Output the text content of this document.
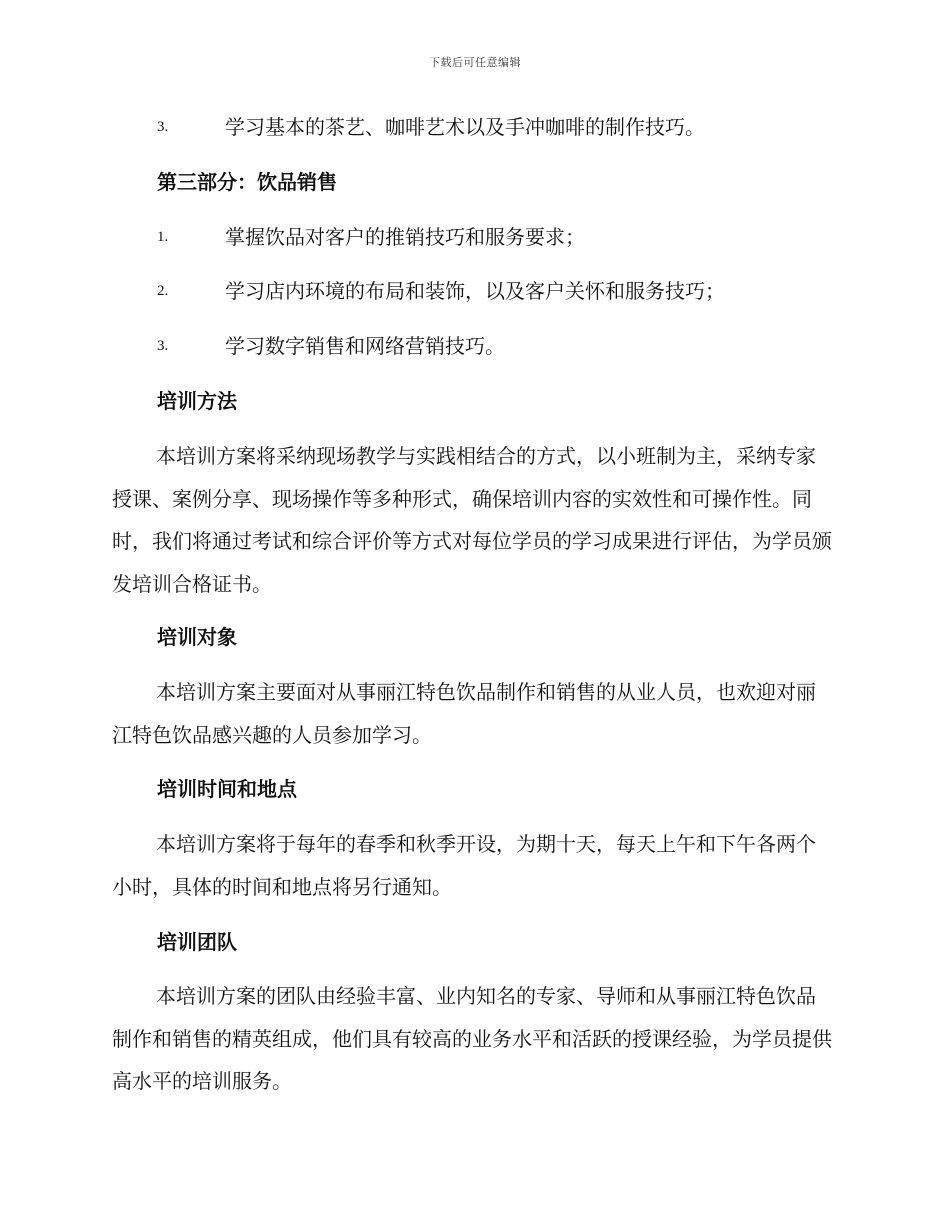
下载后可任意编辑
3.	学习基本的茶艺、咖啡艺术以及手冲咖啡的制作技巧。
第三部分：饮品销售
1.	掌握饮品对客户的推销技巧和服务要求；
2.	学习店内环境的布局和装饰，以及客户关怀和服务技巧；
3.	学习数字销售和网络营销技巧。
培训方法

本培训方案将采纳现场教学与实践相结合的方式，以小班制为主，采纳专家授课、案例分享、现场操作等多种形式，确保培训内容的实效性和可操作性。同时，我们将通过考试和综合评价等方式对每位学员的学习成果进行评估，为学员颁发培训合格证书。

培训对象

本培训方案主要面对从事丽江特色饮品制作和销售的从业人员，也欢迎对丽江特色饮品感兴趣的人员参加学习。

培训时间和地点

本培训方案将于每年的春季和秋季开设，为期十天，每天上午和下午各两个小时，具体的时间和地点将另行通知。

培训团队

本培训方案的团队由经验丰富、业内知名的专家、导师和从事丽江特色饮品制作和销售的精英组成，他们具有较高的业务水平和活跃的授课经验，为学员提供高水平的培训服务。
